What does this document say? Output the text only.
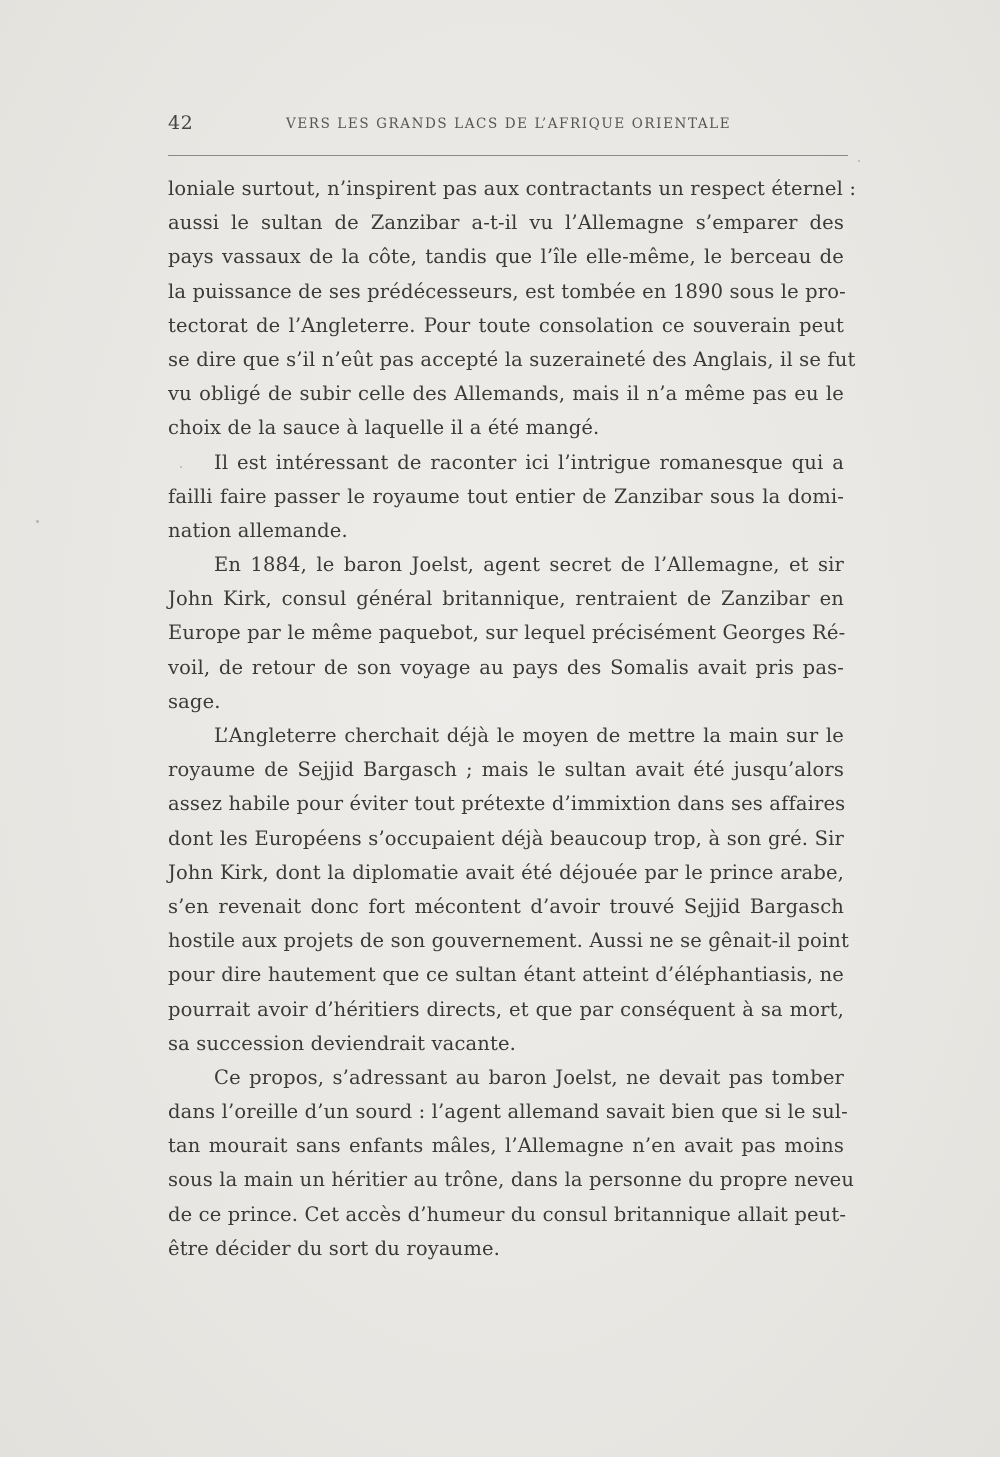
42	VERS LES GRANDS LACS DE L’AFRIQUE ORIENTALE
loniale surtout, n’inspirent pas aux contractants un respect éternel :
aussi le sultan de Zanzibar a-t-il vu l’Allemagne s’emparer des
pays vassaux de la côte, tandis que l’île elle-même, le berceau de
la puissance de ses prédécesseurs, est tombée en 1890 sous le pro-
tectorat de l’Angleterre. Pour toute consolation ce souverain peut
se dire que s’il n’eût pas accepté la suzeraineté des Anglais, il se fut
vu obligé de subir celle des Allemands, mais il n’a même pas eu le
choix de la sauce à laquelle il a été mangé.
Il est intéressant de raconter ici l’intrigue romanesque qui a
failli faire passer le royaume tout entier de Zanzibar sous la domi-
nation allemande.
En 1884, le baron Joelst, agent secret de l’Allemagne, et sir
John Kirk, consul général britannique, rentraient de Zanzibar en
Europe par le même paquebot, sur lequel précisément Georges Ré-
voil, de retour de son voyage au pays des Somalis avait pris pas-
sage.
L’Angleterre cherchait déjà le moyen de mettre la main sur le
royaume de Sejjid Bargasch ; mais le sultan avait été jusqu’alors
assez habile pour éviter tout prétexte d’immixtion dans ses affaires
dont les Européens s’occupaient déjà beaucoup trop, à son gré. Sir
John Kirk, dont la diplomatie avait été déjouée par le prince arabe,
s’en revenait donc fort mécontent d’avoir trouvé Sejjid Bargasch
hostile aux projets de son gouvernement. Aussi ne se gênait-il point
pour dire hautement que ce sultan étant atteint d’éléphantiasis, ne
pourrait avoir d’héritiers directs, et que par conséquent à sa mort,
sa succession deviendrait vacante.
Ce propos, s’adressant au baron Joelst, ne devait pas tomber
dans l’oreille d’un sourd : l’agent allemand savait bien que si le sul-
tan mourait sans enfants mâles, l’Allemagne n’en avait pas moins
sous la main un héritier au trône, dans la personne du propre neveu
de ce prince. Cet accès d’humeur du consul britannique allait peut-
être décider du sort du royaume.
